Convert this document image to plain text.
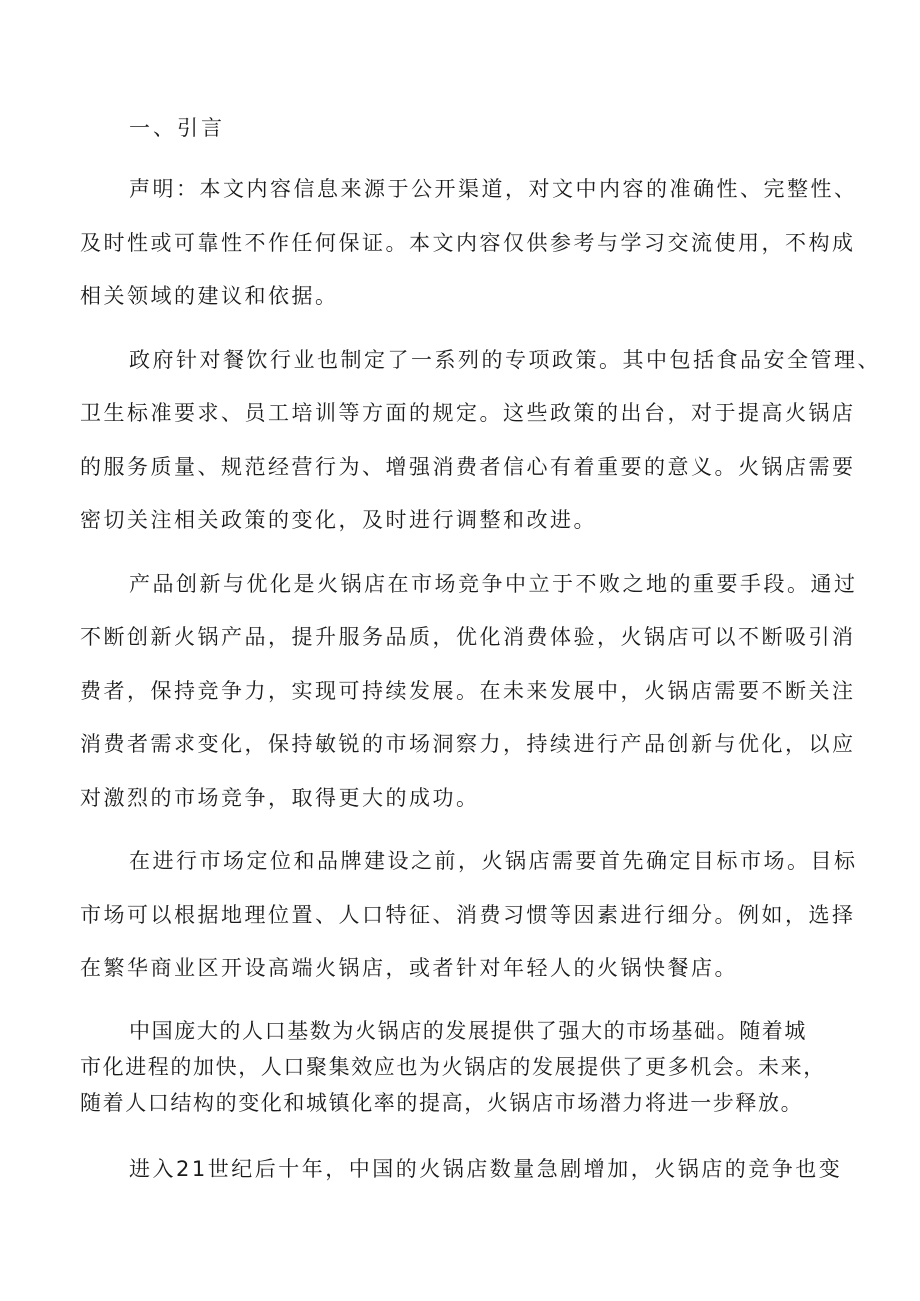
一、引言
声明：本文内容信息来源于公开渠道，对文中内容的准确性、完整性、
及时性或可靠性不作任何保证。本文内容仅供参考与学习交流使用，不构成
相关领域的建议和依据。
政府针对餐饮行业也制定了一系列的专项政策。其中包括食品安全管理、
卫生标准要求、员工培训等方面的规定。这些政策的出台，对于提高火锅店
的服务质量、规范经营行为、增强消费者信心有着重要的意义。火锅店需要
密切关注相关政策的变化，及时进行调整和改进。
产品创新与优化是火锅店在市场竞争中立于不败之地的重要手段。通过
不断创新火锅产品，提升服务品质，优化消费体验，火锅店可以不断吸引消
费者，保持竞争力，实现可持续发展。在未来发展中，火锅店需要不断关注
消费者需求变化，保持敏锐的市场洞察力，持续进行产品创新与优化，以应
对激烈的市场竞争，取得更大的成功。
在进行市场定位和品牌建设之前，火锅店需要首先确定目标市场。目标
市场可以根据地理位置、人口特征、消费习惯等因素进行细分。例如，选择
在繁华商业区开设高端火锅店，或者针对年轻人的火锅快餐店。
中国庞大的人口基数为火锅店的发展提供了强大的市场基础。随着城
市化进程的加快，人口聚集效应也为火锅店的发展提供了更多机会。未来，
随着人口结构的变化和城镇化率的提高，火锅店市场潜力将进一步释放。
进入21世纪后十年，中国的火锅店数量急剧增加，火锅店的竞争也变
